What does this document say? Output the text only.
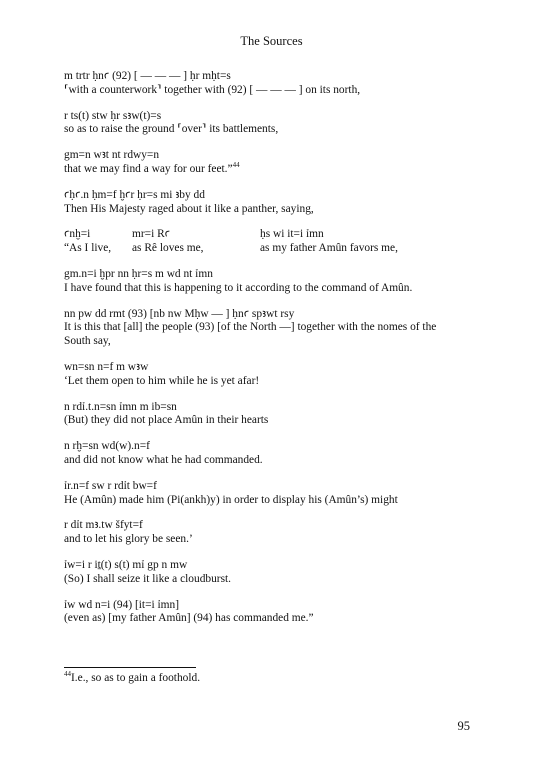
The Sources

m trtr ḥnꜥ (92) [ — — — ] ḥr mḥt=s
⸢with a counterwork⸣ together with (92) [ — — — ] on its north,

r ts(t) stw ḥr sꜣw(t)=s
so as to raise the ground ⸢over⸣ its battlements,

gm=n wꜣt nt rdwy=n
that we may find a way for our feet.”$^{44}$

ꜥḥꜥ.n ḥm=f ḫꜥr ḥr=s mi ꜣby dd
Then His Majesty raged about it like a panther, saying,

ꜥnḫ=i	mr=i Rꜥ	ḥs wi it=i ỉmn
“As I live,	as Rê loves me,	as my father Amûn favors me,

gm.n=i ḫpr nn ḥr=s m wd nt ỉmn
I have found that this is happening to it according to the command of Amûn.

nn pw dd rmt (93) [nb nw Mḥw — ] ḥnꜥ spꜣwt rsy
It is this that [all] the people (93) [of the North —] together with the nomes of the South say,

wn=sn n=f m wꜣw
‘Let them open to him while he is yet afar!

n rdỉ.t.n=sn ỉmn m ib=sn
(But) they did not place Amûn in their hearts

n rḫ=sn wd(w).n=f
and did not know what he had commanded.

ỉr.n=f sw r rdỉt bw=f
He (Amûn) made him (Pi(ankh)y) in order to display his (Amûn’s) might

r dỉt mꜣ.tw šfyt=f
and to let his glory be seen.’

ỉw=i r iṯ(t) s(t) mỉ gp n mw
(So) I shall seize it like a cloudburst.

ỉw wd n=i (94) [it=i ỉmn]
(even as) [my father Amûn] (94) has commanded me.”

$^{44}$I.e., so as to gain a foothold.
95
